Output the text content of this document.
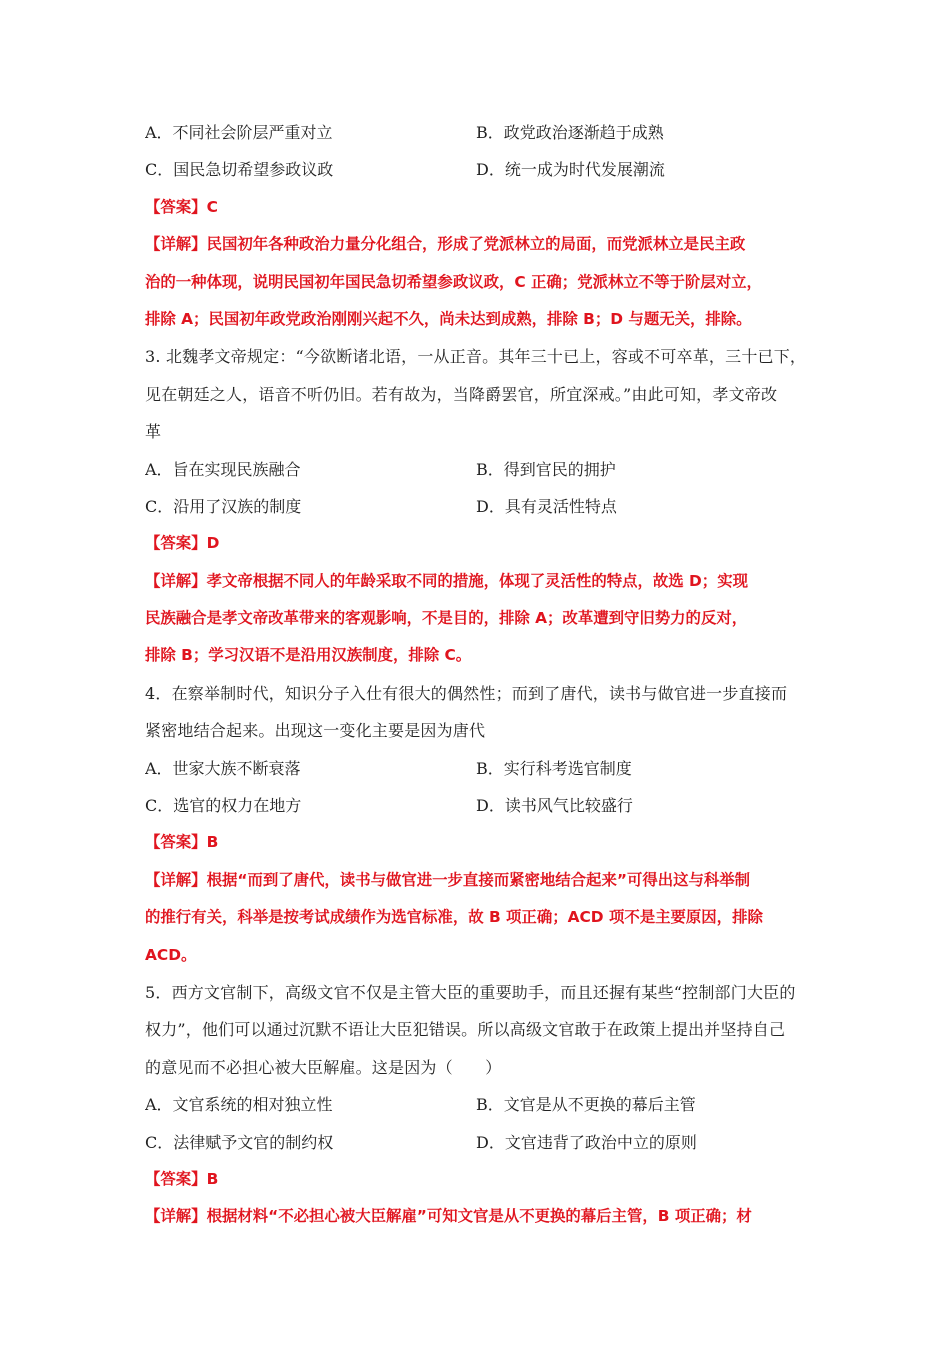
A．不同社会阶层严重对立	B．政党政治逐渐趋于成熟
C．国民急切希望参政议政	D．统一成为时代发展潮流
【答案】C
【详解】民国初年各种政治力量分化组合，形成了党派林立的局面，而党派林立是民主政
治的一种体现，说明民国初年国民急切希望参政议政，C 正确；党派林立不等于阶层对立，
排除 A；民国初年政党政治刚刚兴起不久，尚未达到成熟，排除 B；D 与题无关，排除。
3. 北魏孝文帝规定：“今欲断诸北语，一从正音。其年三十已上，容或不可卒革，三十已下，
见在朝廷之人，语音不听仍旧。若有故为，当降爵罢官，所宜深戒。”由此可知，孝文帝改
革
A．旨在实现民族融合	B．得到官民的拥护
C．沿用了汉族的制度	D．具有灵活性特点
【答案】D
【详解】孝文帝根据不同人的年龄采取不同的措施，体现了灵活性的特点，故选 D；实现
民族融合是孝文帝改革带来的客观影响，不是目的，排除 A；改革遭到守旧势力的反对，
排除 B；学习汉语不是沿用汉族制度，排除 C。
4．在察举制时代，知识分子入仕有很大的偶然性；而到了唐代，读书与做官进一步直接而
紧密地结合起来。出现这一变化主要是因为唐代
A．世家大族不断衰落	B．实行科考选官制度
C．选官的权力在地方	D．读书风气比较盛行
【答案】B
【详解】根据“而到了唐代，读书与做官进一步直接而紧密地结合起来”可得出这与科举制
的推行有关，科举是按考试成绩作为选官标准，故 B 项正确；ACD 项不是主要原因，排除
ACD。
5．西方文官制下，高级文官不仅是主管大臣的重要助手，而且还握有某些“控制部门大臣的
权力”，他们可以通过沉默不语让大臣犯错误。所以高级文官敢于在政策上提出并坚持自己
的意见而不必担心被大臣解雇。这是因为（　　）
A．文官系统的相对独立性	B．文官是从不更换的幕后主管
C．法律赋予文官的制约权	D．文官违背了政治中立的原则
【答案】B
【详解】根据材料“不必担心被大臣解雇”可知文官是从不更换的幕后主管，B 项正确；材
